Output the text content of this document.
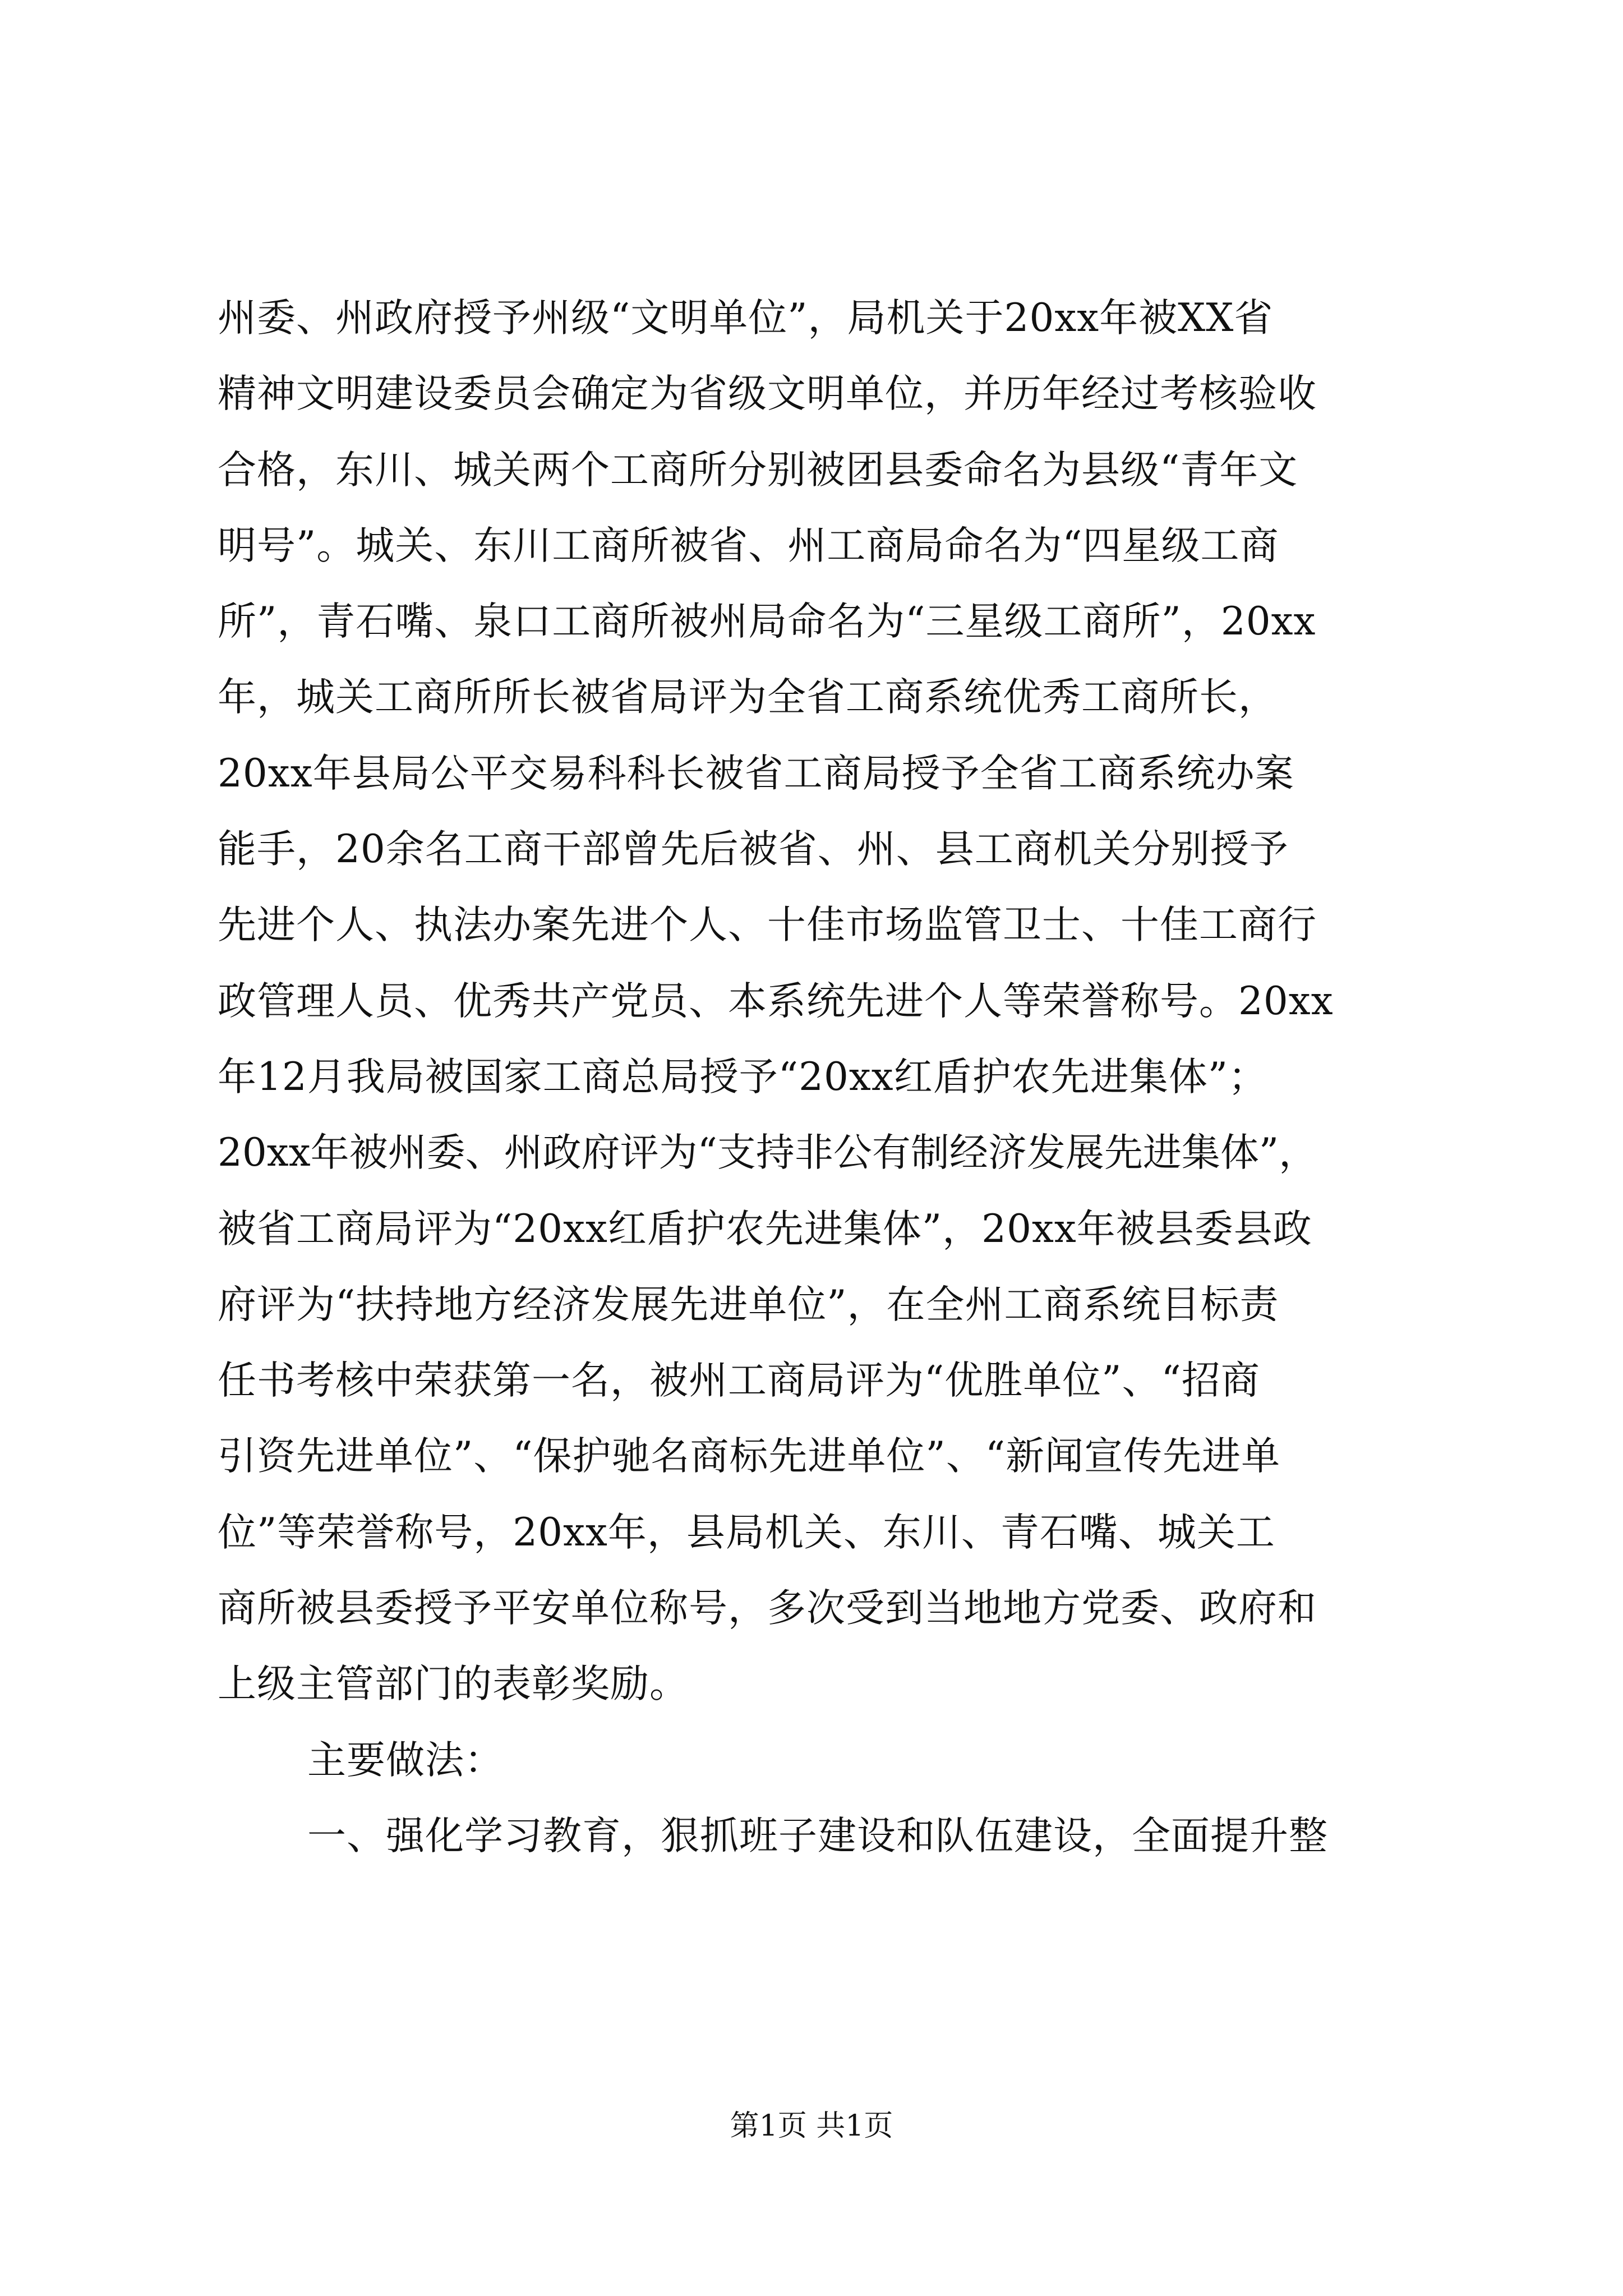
州委、州政府授予州级“文明单位”，局机关于20xx年被XX省
精神文明建设委员会确定为省级文明单位，并历年经过考核验收
合格，东川、城关两个工商所分别被团县委命名为县级“青年文
明号”。城关、东川工商所被省、州工商局命名为“四星级工商
所”，青石嘴、泉口工商所被州局命名为“三星级工商所”，20xx
年，城关工商所所长被省局评为全省工商系统优秀工商所长，
20xx年县局公平交易科科长被省工商局授予全省工商系统办案
能手，20余名工商干部曾先后被省、州、县工商机关分别授予
先进个人、执法办案先进个人、十佳市场监管卫士、十佳工商行
政管理人员、优秀共产党员、本系统先进个人等荣誉称号。20xx
年12月我局被国家工商总局授予“20xx红盾护农先进集体”；
20xx年被州委、州政府评为“支持非公有制经济发展先进集体”，
被省工商局评为“20xx红盾护农先进集体”，20xx年被县委县政
府评为“扶持地方经济发展先进单位”，在全州工商系统目标责
任书考核中荣获第一名，被州工商局评为“优胜单位”、“招商
引资先进单位”、“保护驰名商标先进单位”、“新闻宣传先进单
位”等荣誉称号，20xx年，县局机关、东川、青石嘴、城关工
商所被县委授予平安单位称号，多次受到当地地方党委、政府和
上级主管部门的表彰奖励。
主要做法：
一、强化学习教育，狠抓班子建设和队伍建设，全面提升整
第1页 共1页
